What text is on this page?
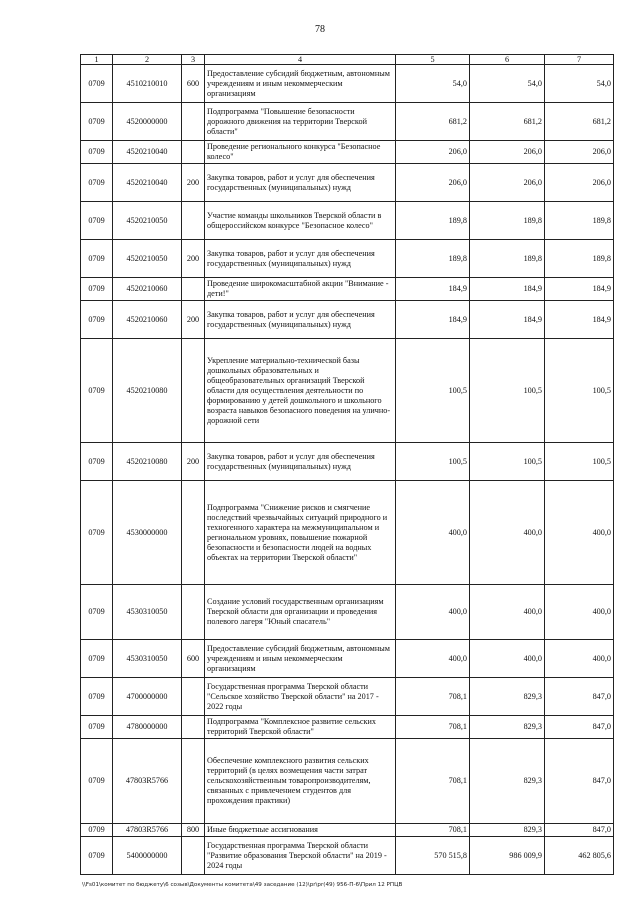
78
1	2	3	4	5	6	7
0709	4510210010	600	Предоставление субсидий бюджетным, автономным учреждениям и иным некоммерческим организациям	54,0	54,0	54,0
0709	4520000000		Подпрограмма "Повышение безопасности дорожного движения на территории Тверской области"	681,2	681,2	681,2
0709	4520210040		Проведение регионального конкурса "Безопасное колесо"	206,0	206,0	206,0
0709	4520210040	200	Закупка товаров, работ и услуг для обеспечения государственных (муниципальных) нужд	206,0	206,0	206,0
0709	4520210050		Участие команды школьников Тверской области в общероссийском конкурсе "Безопасное колесо"	189,8	189,8	189,8
0709	4520210050	200	Закупка товаров, работ и услуг для обеспечения государственных (муниципальных) нужд	189,8	189,8	189,8
0709	4520210060		Проведение широкомасштабной акции "Внимание - дети!"	184,9	184,9	184,9
0709	4520210060	200	Закупка товаров, работ и услуг для обеспечения государственных (муниципальных) нужд	184,9	184,9	184,9
0709	4520210080		Укрепление материально-технической базы дошкольных образовательных и общеобразовательных организаций Тверской области для осуществления деятельности по формированию у детей дошкольного и школьного возраста навыков безопасного поведения на улично-дорожной сети	100,5	100,5	100,5
0709	4520210080	200	Закупка товаров, работ и услуг для обеспечения государственных (муниципальных) нужд	100,5	100,5	100,5
0709	4530000000		Подпрограмма "Снижение рисков и смягчение последствий чрезвычайных ситуаций природного и техногенного характера на межмуниципальном и региональном уровнях, повышение пожарной безопасности и безопасности людей на водных объектах на территории Тверской области"	400,0	400,0	400,0
0709	4530310050		Создание условий государственным организациям Тверской области для организации и проведения полевого лагеря "Юный спасатель"	400,0	400,0	400,0
0709	4530310050	600	Предоставление субсидий бюджетным, автономным учреждениям и иным некоммерческим организациям	400,0	400,0	400,0
0709	4700000000		Государственная программа Тверской области "Сельское хозяйство Тверской области" на 2017 - 2022 годы	708,1	829,3	847,0
0709	4780000000		Подпрограмма "Комплексное развитие сельских территорий Тверской области"	708,1	829,3	847,0
0709	47803R5766		Обеспечение комплексного развития сельских территорий (в целях возмещения части затрат сельскохозяйственным товаропроизводителям, связанных с привлечением студентов для прохождения практики)	708,1	829,3	847,0
0709	47803R5766	800	Иные бюджетные ассигнования	708,1	829,3	847,0
0709	5400000000		Государственная программа Тверской области "Развитие образования Тверской области" на 2019 - 2024 годы	570 515,8	986 009,9	462 805,6
\\Fs01\комитет по бюджету\6 созыв\Документы комитета\49 заседание (12)\pr\pr(49) 956-П-6\Прил 12 РПЦВ
